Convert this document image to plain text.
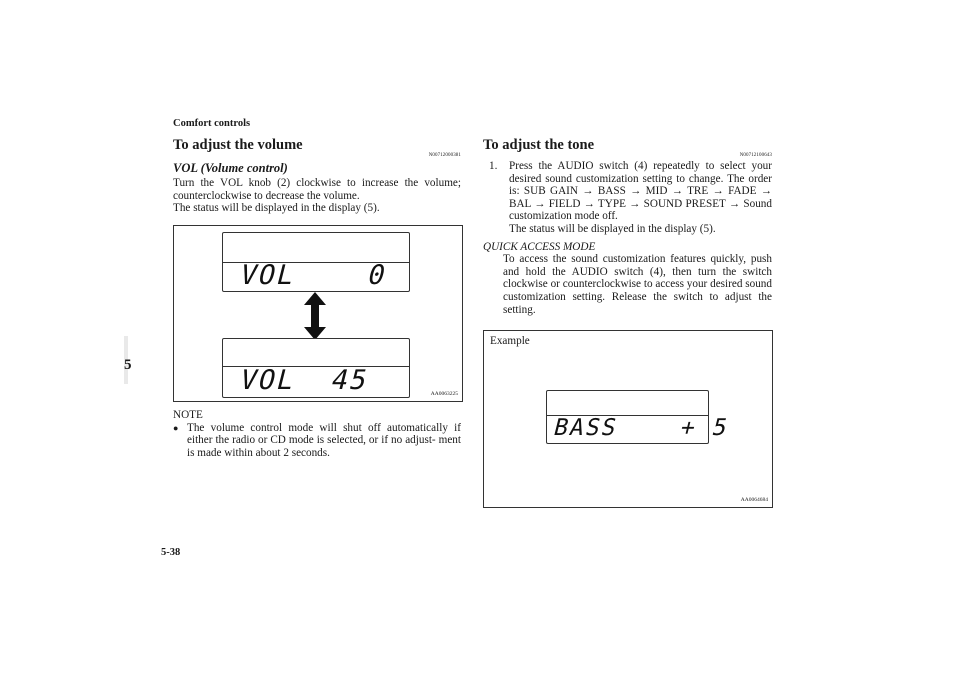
Comfort controls
5
5-38
To adjust the volume
N00712000381
VOL (Volume control)
Turn the VOL knob (2) clockwise to increase the volume; counterclockwise to decrease the volume.
The status will be displayed in the display (5).
VOL    0
VOL  45	AA0063225
NOTE
● The volume control mode will shut off automatically if either the radio or CD mode is selected, or if no adjust- ment is made within about 2 seconds.
To adjust the tone
N00712100643
1.	Press the AUDIO switch (4) repeatedly to select your desired sound customization setting to change. The order is: SUB GAIN → BASS → MID → TRE → FADE → BAL → FIELD → TYPE → SOUND PRESET → Sound customization mode off.
The status will be displayed in the display (5).
QUICK ACCESS MODE
To access the sound customization features quickly, push and hold the AUDIO switch (4), then turn the switch clockwise or counterclockwise to access your desired sound customization setting. Release the switch to adjust the setting.
Example
BASS    + 5
AA0064684
